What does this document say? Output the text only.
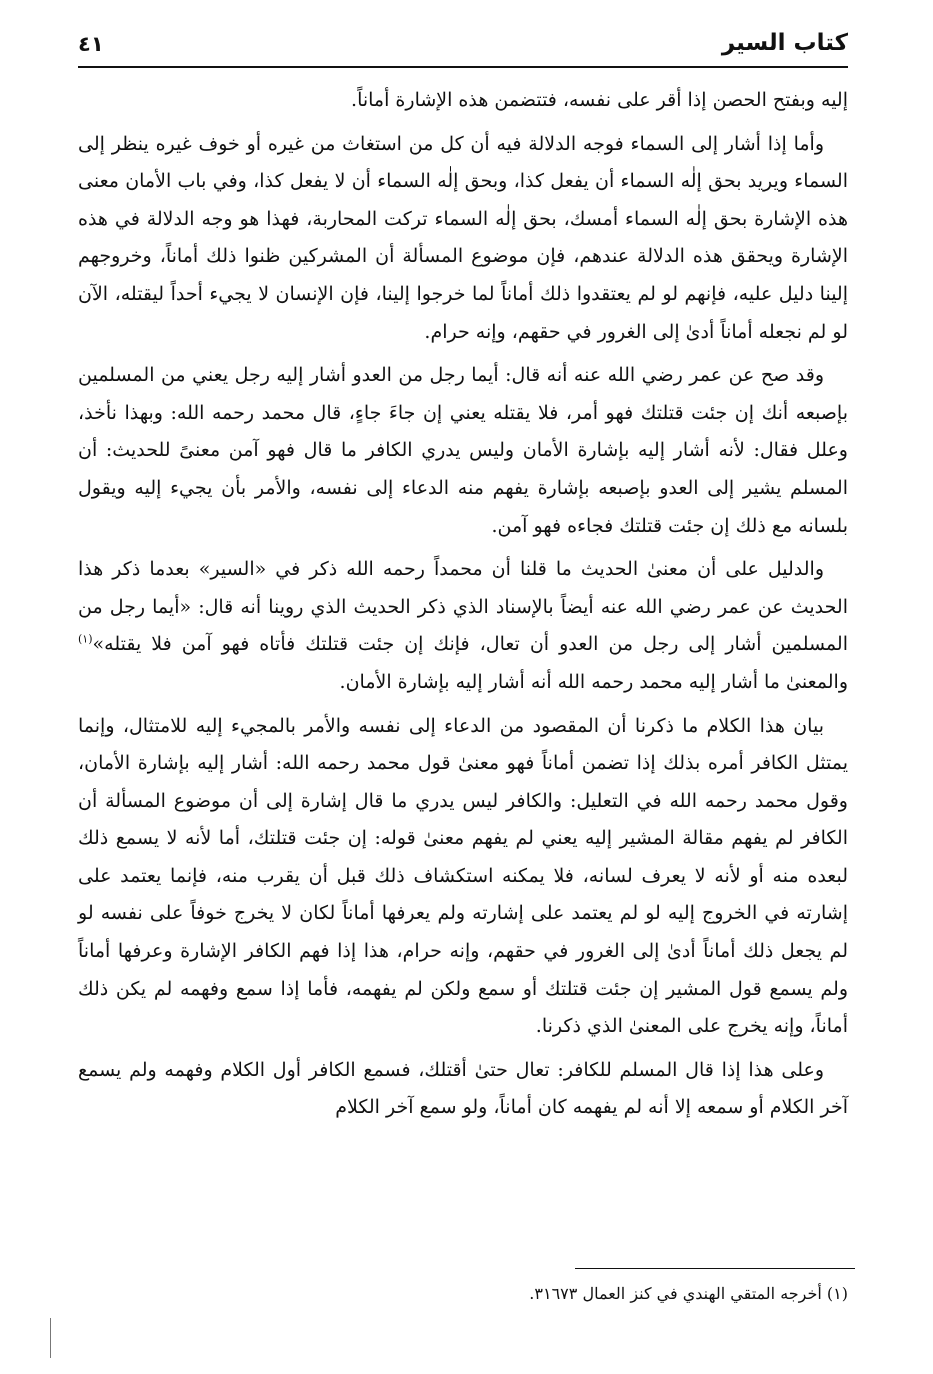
كتاب السير
٤١

إليه وبفتح الحصن إذا أقر على نفسه، فتتضمن هذه الإشارة أماناً.

وأما إذا أشار إلى السماء فوجه الدلالة فيه أن كل من استغاث من غيره أو خوف غيره ينظر إلى السماء ويريد بحق إلٰه السماء أن يفعل كذا، وبحق إلٰه السماء أن لا يفعل كذا، وفي باب الأمان معنى هذه الإشارة بحق إلٰه السماء أمسك، بحق إلٰه السماء تركت المحاربة، فهذا هو وجه الدلالة في هذه الإشارة ويحقق هذه الدلالة عندهم، فإن موضوع المسألة أن المشركين ظنوا ذلك أماناً، وخروجهم إلينا دليل عليه، فإنهم لو لم يعتقدوا ذلك أماناً لما خرجوا إلينا، فإن الإنسان لا يجيء أحداً ليقتله، الآن لو لم نجعله أماناً أدىٰ إلى الغرور في حقهم، وإنه حرام.

وقد صح عن عمر رضي الله عنه أنه قال: أيما رجل من العدو أشار إليه رجل يعني من المسلمين بإصبعه أنك إن جئت قتلتك فهو أمر، فلا يقتله يعني إن جاءَ جاءٍ، قال محمد رحمه الله: وبهذا نأخذ، وعلل فقال: لأنه أشار إليه بإشارة الأمان وليس يدري الكافر ما قال فهو آمن معنىً للحديث: أن المسلم يشير إلى العدو بإصبعه بإشارة يفهم منه الدعاء إلى نفسه، والأمر بأن يجيء إليه ويقول بلسانه مع ذلك إن جئت قتلتك فجاءه فهو آمن.

والدليل على أن معنىٰ الحديث ما قلنا أن محمداً رحمه الله ذكر في «السير» بعدما ذكر هذا الحديث عن عمر رضي الله عنه أيضاً بالإسناد الذي ذكر الحديث الذي روينا أنه قال: «أيما رجل من المسلمين أشار إلى رجل من العدو أن تعال، فإنك إن جئت قتلتك فأتاه فهو آمن فلا يقتله»$^{(١)}$ والمعنىٰ ما أشار إليه محمد رحمه الله أنه أشار إليه بإشارة الأمان.

بيان هذا الكلام ما ذكرنا أن المقصود من الدعاء إلى نفسه والأمر بالمجيء إليه للامتثال، وإنما يمتثل الكافر أمره بذلك إذا تضمن أماناً فهو معنىٰ قول محمد رحمه الله: أشار إليه بإشارة الأمان، وقول محمد رحمه الله في التعليل: والكافر ليس يدري ما قال إشارة إلى أن موضوع المسألة أن الكافر لم يفهم مقالة المشير إليه يعني لم يفهم معنىٰ قوله: إن جئت قتلتك، أما لأنه لا يسمع ذلك لبعده منه أو لأنه لا يعرف لسانه، فلا يمكنه استكشاف ذلك قبل أن يقرب منه، فإنما يعتمد على إشارته في الخروج إليه لو لم يعتمد على إشارته ولم يعرفها أماناً لكان لا يخرج خوفاً على نفسه لو لم يجعل ذلك أماناً أدىٰ إلى الغرور في حقهم، وإنه حرام، هذا إذا فهم الكافر الإشارة وعرفها أماناً ولم يسمع قول المشير إن جئت قتلتك أو سمع ولكن لم يفهمه، فأما إذا سمع وفهمه لم يكن ذلك أماناً، وإنه يخرج على المعنىٰ الذي ذكرنا.

وعلى هذا إذا قال المسلم للكافر: تعال حتىٰ أقتلك، فسمع الكافر أول الكلام وفهمه ولم يسمع آخر الكلام أو سمعه إلا أنه لم يفهمه كان أماناً، ولو سمع آخر الكلام

(١) أخرجه المتقي الهندي في كنز العمال ٣١٦٧٣.
